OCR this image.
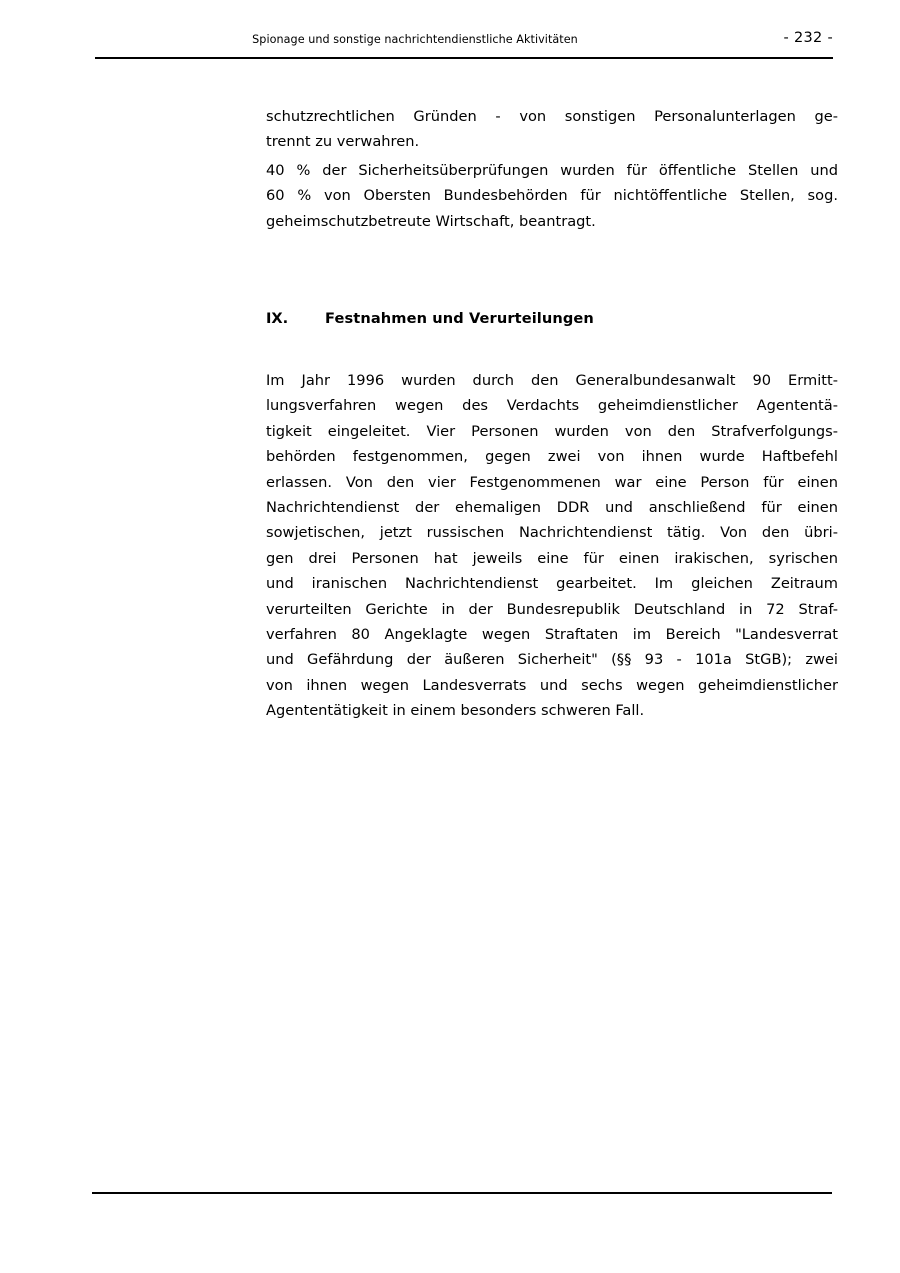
Spionage und sonstige nachrichtendienstliche Aktivitäten	- 232 -
schutzrechtlichen Gründen - von sonstigen Personalunterlagen ge-
trennt zu verwahren.
40 % der Sicherheitsüberprüfungen wurden für öffentliche Stellen und
60 % von Obersten Bundesbehörden für nichtöffentliche Stellen, sog.
geheimschutzbetreute Wirtschaft, beantragt.
IX.	Festnahmen und Verurteilungen
Im Jahr 1996 wurden durch den Generalbundesanwalt 90 Ermitt-
lungsverfahren wegen des Verdachts geheimdienstlicher Agententä-
tigkeit eingeleitet. Vier Personen wurden von den Strafverfolgungs-
behörden festgenommen, gegen zwei von ihnen wurde Haftbefehl
erlassen. Von den vier Festgenommenen war eine Person für einen
Nachrichtendienst der ehemaligen DDR und anschließend für einen
sowjetischen, jetzt russischen Nachrichtendienst tätig. Von den übri-
gen drei Personen hat jeweils eine für einen irakischen, syrischen
und iranischen Nachrichtendienst gearbeitet. Im gleichen Zeitraum
verurteilten Gerichte in der Bundesrepublik Deutschland in 72 Straf-
verfahren 80 Angeklagte wegen Straftaten im Bereich "Landesverrat
und Gefährdung der äußeren Sicherheit" (§§ 93 - 101a StGB); zwei
von ihnen wegen Landesverrats und sechs wegen geheimdienstlicher
Agententätigkeit in einem besonders schweren Fall.
